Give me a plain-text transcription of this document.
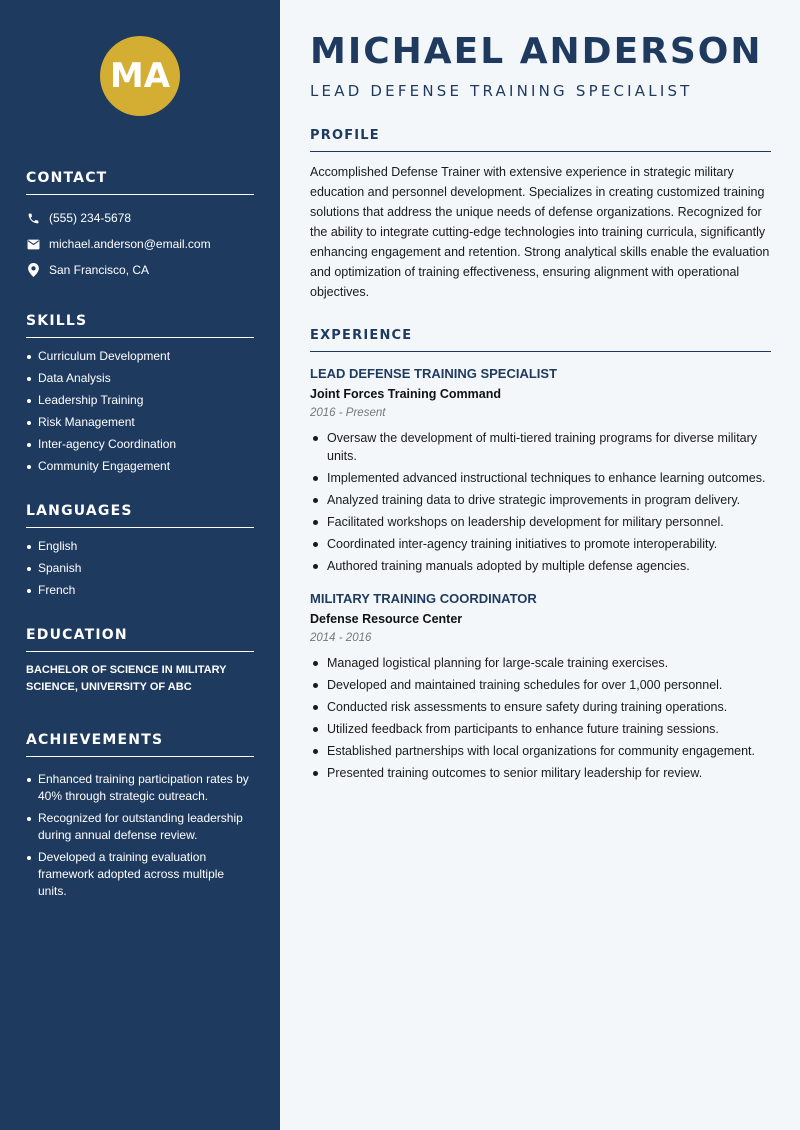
MA
CONTACT
(555) 234-5678
michael.anderson@email.com
San Francisco, CA
SKILLS
Curriculum Development
Data Analysis
Leadership Training
Risk Management
Inter-agency Coordination
Community Engagement
LANGUAGES
English
Spanish
French
EDUCATION
BACHELOR OF SCIENCE IN MILITARY SCIENCE, UNIVERSITY OF ABC
ACHIEVEMENTS
Enhanced training participation rates by 40% through strategic outreach.
Recognized for outstanding leadership during annual defense review.
Developed a training evaluation framework adopted across multiple units.
MICHAEL ANDERSON
LEAD DEFENSE TRAINING SPECIALIST
PROFILE

Accomplished Defense Trainer with extensive experience in strategic military education and personnel development. Specializes in creating customized training solutions that address the unique needs of defense organizations. Recognized for the ability to integrate cutting-edge technologies into training curricula, significantly enhancing engagement and retention. Strong analytical skills enable the evaluation and optimization of training effectiveness, ensuring alignment with operational objectives.

EXPERIENCE
LEAD DEFENSE TRAINING SPECIALIST
Joint Forces Training Command
2016 - Present
Oversaw the development of multi-tiered training programs for diverse military units.
Implemented advanced instructional techniques to enhance learning outcomes.
Analyzed training data to drive strategic improvements in program delivery.
Facilitated workshops on leadership development for military personnel.
Coordinated inter-agency training initiatives to promote interoperability.
Authored training manuals adopted by multiple defense agencies.
MILITARY TRAINING COORDINATOR
Defense Resource Center
2014 - 2016
Managed logistical planning for large-scale training exercises.
Developed and maintained training schedules for over 1,000 personnel.
Conducted risk assessments to ensure safety during training operations.
Utilized feedback from participants to enhance future training sessions.
Established partnerships with local organizations for community engagement.
Presented training outcomes to senior military leadership for review.
